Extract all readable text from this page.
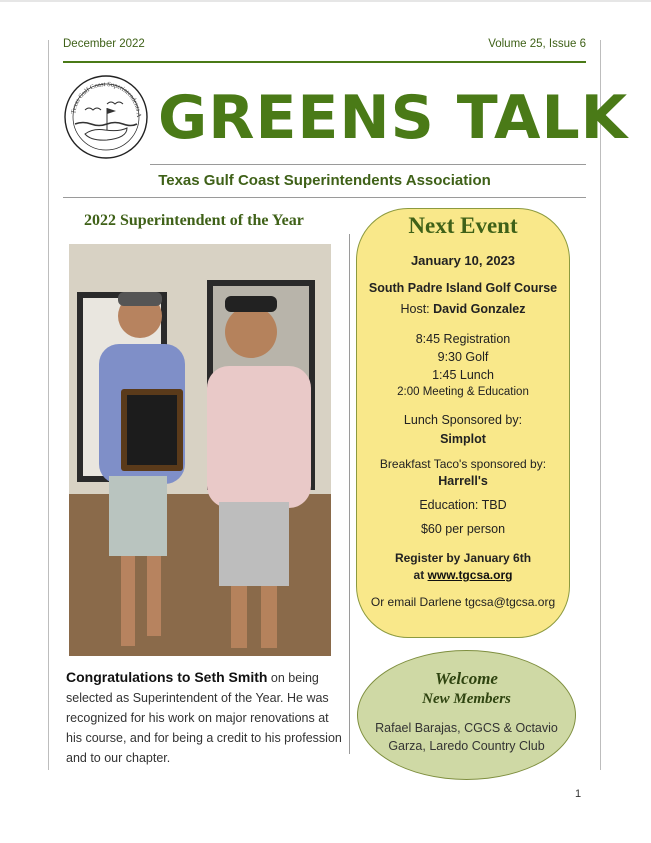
December 2022	Volume 25, Issue 6
Texas Gulf Coast Superintendents A GREENS TALK
Texas Gulf Coast Superintendents Association
2022 Superintendent of the Year
Congratulations to Seth Smith on being selected as Superintendent of the Year. He was recognized for his work on major renovations at his course, and for being a credit to his profession and to our chapter.
Next Event
January 10, 2023
South Padre Island Golf Course
Host: David Gonzalez
8:45 Registration
9:30 Golf
1:45 Lunch
2:00 Meeting & Education
Lunch Sponsored by:
Simplot
Breakfast Taco's sponsored by:
Harrell's
Education: TBD
$60 per person
Register by January 6th
at www.tgcsa.org
Or email Darlene tgcsa@tgcsa.org
Welcome
New Members
Rafael Barajas, CGCS & Octavio Garza, Laredo Country Club
1
